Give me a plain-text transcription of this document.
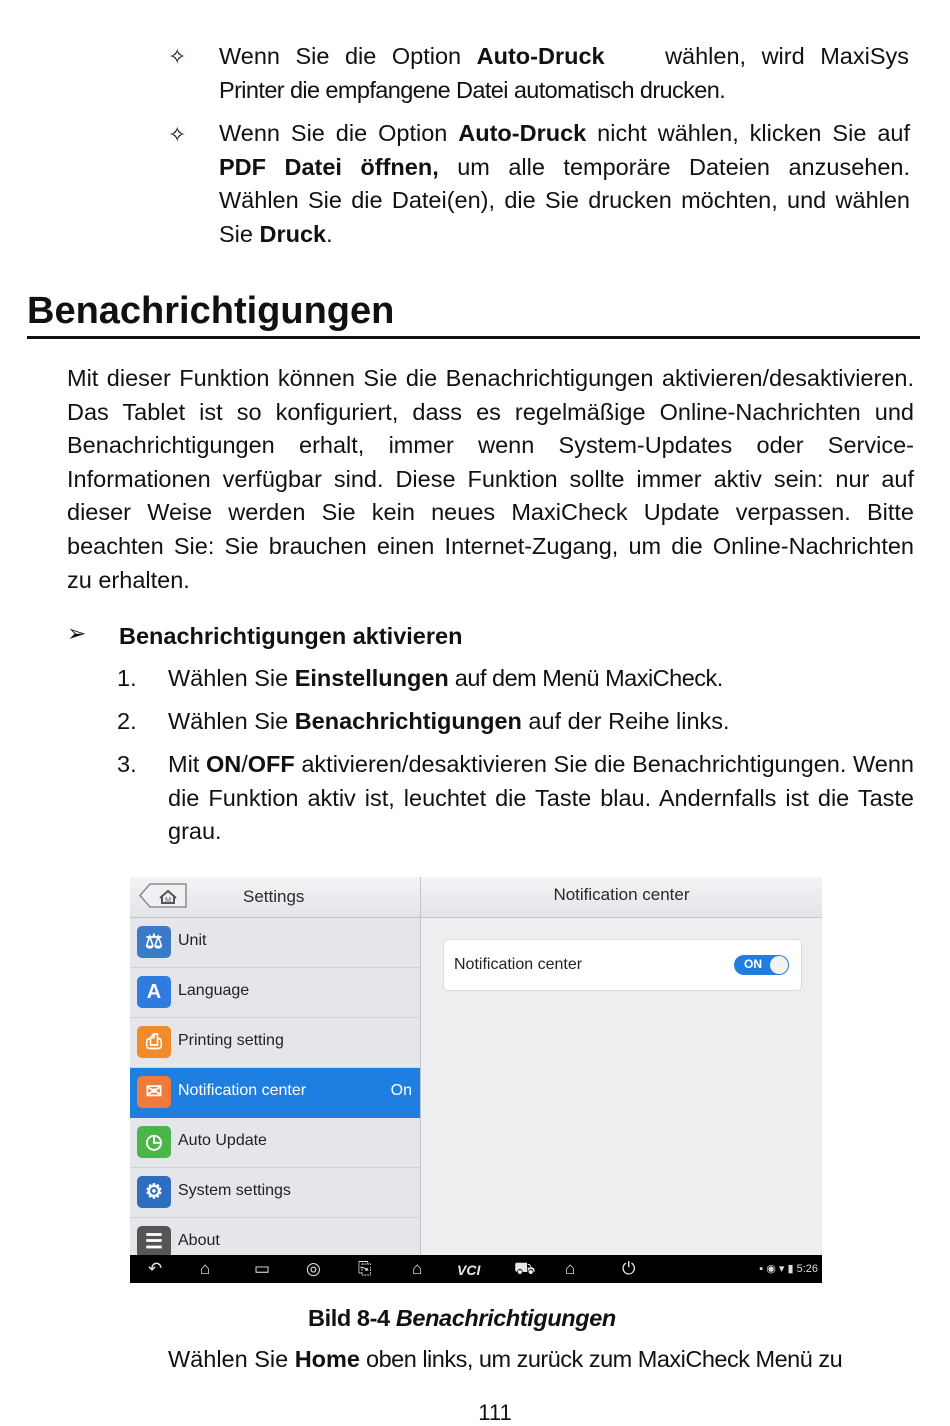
✧ Wenn Sie die Option Auto-Druck	wählen, wird MaxiSys
Printer die empfangene Datei automatisch drucken.
✧ Wenn Sie die Option Auto-Druck nicht wählen, klicken Sie auf PDF Datei öffnen, um alle temporäre Dateien anzusehen. Wählen Sie die Datei(en), die Sie drucken möchten, und wählen Sie Druck.
Benachrichtigungen
Mit dieser Funktion können Sie die Benachrichtigungen aktivieren/desaktivieren. Das Tablet ist so konfiguriert, dass es regelmäßige Online-Nachrichten und Benachrichtigungen erhalt, immer wenn System-Updates oder Service-Informationen verfügbar sind. Diese Funktion sollte immer aktiv sein: nur auf dieser Weise werden Sie kein neues MaxiCheck Update verpassen. Bitte beachten Sie: Sie brauchen einen Internet-Zugang, um die Online-Nachrichten zu erhalten.
➢ Benachrichtigungen aktivieren
1. Wählen Sie Einstellungen auf dem Menü MaxiCheck.
2. Wählen Sie Benachrichtigungen auf der Reihe links.
3. Mit ON/OFF aktivieren/desaktivieren Sie die Benachrichtigungen. Wenn die Funktion aktiv ist, leuchtet die Taste blau. Andernfalls ist die Taste grau.
M	Settings
⚖ Unit
A	Language
⎙	Printing setting
✉ Notification center	On
◷ Auto Update
⚙ System settings
☰ About
Notification center
Notification center	ON
↶ ⌂	▭ ◎ ⎘ ⌂ VCI ⛟ ⌂	⏻	▪ ◉ ▾ ▮ 5:26
Bild 8-4 Benachrichtigungen
Wählen Sie Home oben links, um zurück zum MaxiCheck Menü zu
111
